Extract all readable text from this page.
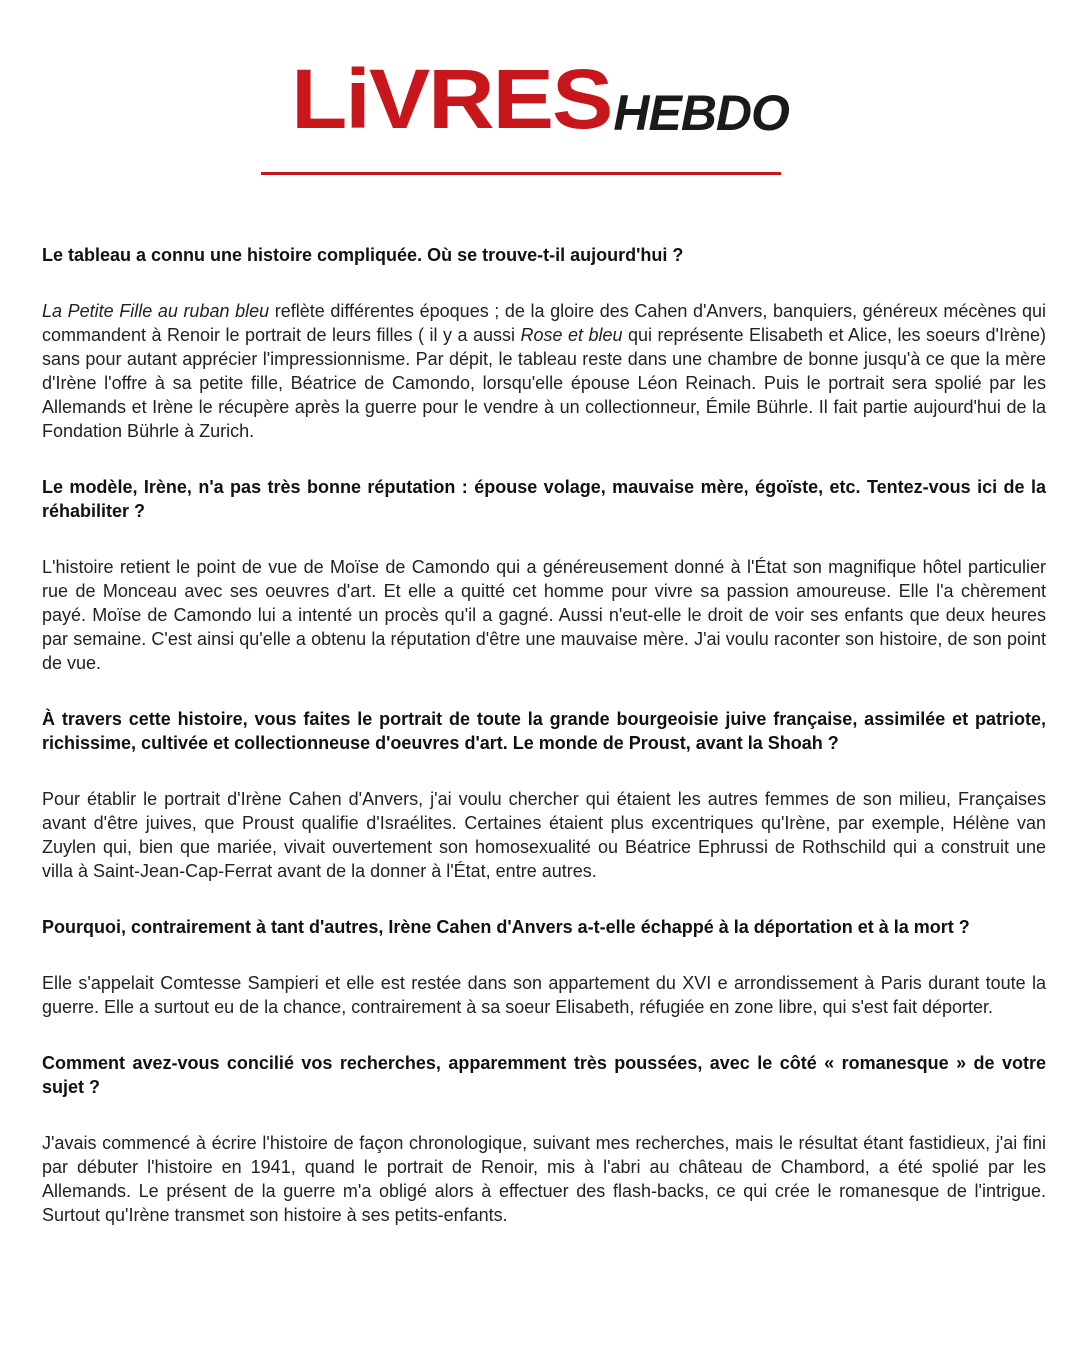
LiVRES HEBDO

Le tableau a connu une histoire compliquée. Où se trouve-t-il aujourd'hui ?

La Petite Fille au ruban bleu reflète différentes époques ; de la gloire des Cahen d'Anvers, banquiers, généreux mécènes qui commandent à Renoir le portrait de leurs filles ( il y a aussi Rose et bleu qui représente Elisabeth et Alice, les soeurs d'Irène) sans pour autant apprécier l'impressionnisme. Par dépit, le tableau reste dans une chambre de bonne jusqu'à ce que la mère d'Irène l'offre à sa petite fille, Béatrice de Camondo, lorsqu'elle épouse Léon Reinach. Puis le portrait sera spolié par les Allemands et Irène le récupère après la guerre pour le vendre à un collectionneur, Émile Bührle. Il fait partie aujourd'hui de la Fondation Bührle à Zurich.

Le modèle, Irène, n'a pas très bonne réputation : épouse volage, mauvaise mère, égoïste, etc. Tentez-vous ici de la réhabiliter ?

L'histoire retient le point de vue de Moïse de Camondo qui a généreusement donné à l'État son magnifique hôtel particulier rue de Monceau avec ses oeuvres d'art. Et elle a quitté cet homme pour vivre sa passion amoureuse. Elle l'a chèrement payé. Moïse de Camondo lui a intenté un procès qu'il a gagné. Aussi n'eut-elle le droit de voir ses enfants que deux heures par semaine. C'est ainsi qu'elle a obtenu la réputation d'être une mauvaise mère. J'ai voulu raconter son histoire, de son point de vue.

À travers cette histoire, vous faites le portrait de toute la grande bourgeoisie juive française, assimilée et patriote, richissime, cultivée et collectionneuse d'oeuvres d'art. Le monde de Proust, avant la Shoah ?

Pour établir le portrait d'Irène Cahen d'Anvers, j'ai voulu chercher qui étaient les autres femmes de son milieu, Françaises avant d'être juives, que Proust qualifie d'Israélites. Certaines étaient plus excentriques qu'Irène, par exemple, Hélène van Zuylen qui, bien que mariée, vivait ouvertement son homosexualité ou Béatrice Ephrussi de Rothschild qui a construit une villa à Saint-Jean-Cap-Ferrat avant de la donner à l'État, entre autres.

Pourquoi, contrairement à tant d'autres, Irène Cahen d'Anvers a-t-elle échappé à la déportation et à la mort ?

Elle s'appelait Comtesse Sampieri et elle est restée dans son appartement du XVI e arrondissement à Paris durant toute la guerre. Elle a surtout eu de la chance, contrairement à sa soeur Elisabeth, réfugiée en zone libre, qui s'est fait déporter.

Comment avez-vous concilié vos recherches, apparemment très poussées, avec le côté « romanesque » de votre sujet ?

J'avais commencé à écrire l'histoire de façon chronologique, suivant mes recherches, mais le résultat étant fastidieux, j'ai fini par débuter l'histoire en 1941, quand le portrait de Renoir, mis à l'abri au château de Chambord, a été spolié par les Allemands. Le présent de la guerre m'a obligé alors à effectuer des flash-backs, ce qui crée le romanesque de l'intrigue. Surtout qu'Irène transmet son histoire à ses petits-enfants.
